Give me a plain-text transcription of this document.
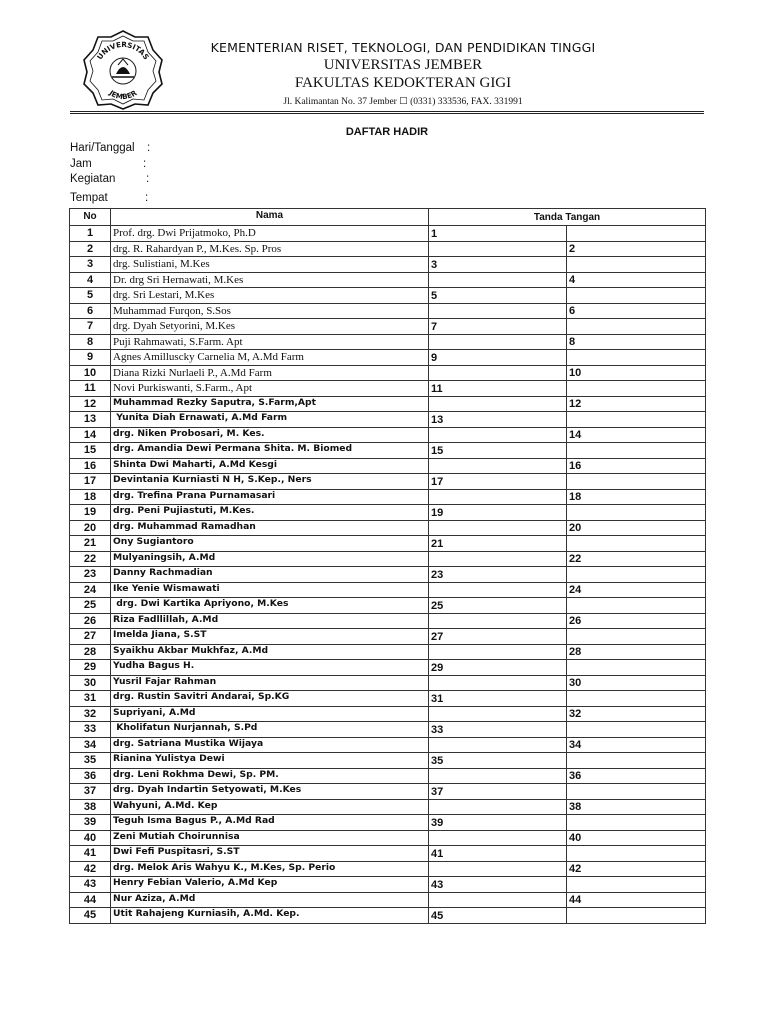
UNIVERSITAS
JEMBER
KEMENTERIAN RISET, TEKNOLOGI, DAN PENDIDIKAN TINGGI
UNIVERSITAS JEMBER
FAKULTAS KEDOKTERAN GIGI
Jl. Kalimantan No. 37 Jember ☐ (0331) 333536, FAX. 331991
DAFTAR HADIR
Hari/Tanggal :
Jam	:
Kegiatan	:
Tempat	:
No	Nama	Tanda Tangan	
1	Prof. drg. Dwi Prijatmoko, Ph.D	1	
2	drg. R. Rahardyan P., M.Kes. Sp. Pros		2
3	drg. Sulistiani, M.Kes	3	
4	Dr. drg Sri Hernawati, M.Kes		4
5	drg. Sri Lestari, M.Kes	5	
6	Muhammad Furqon, S.Sos		6
7	drg. Dyah Setyorini, M.Kes	7	
8	Puji Rahmawati, S.Farm. Apt		8
9	Agnes Amilluscky Carnelia M, A.Md Farm	9	
10	Diana Rizki Nurlaeli P., A.Md Farm		10
11	Novi Purkiswanti, S.Farm., Apt	11	
12	Muhammad Rezky Saputra, S.Farm,Apt		12
13	Yunita Diah Ernawati, A.Md Farm	13	
14	drg. Niken Probosari, M. Kes.		14
15	drg. Amandia Dewi Permana Shita. M. Biomed	15	
16	Shinta Dwi Maharti, A.Md Kesgi		16
17	Devintania Kurniasti N H, S.Kep., Ners	17	
18	drg. Trefina Prana Purnamasari		18
19	drg. Peni Pujiastuti, M.Kes.	19	
20	drg. Muhammad Ramadhan		20
21	Ony Sugiantoro	21	
22	Mulyaningsih, A.Md		22
23	Danny Rachmadian	23	
24	Ike Yenie Wismawati		24
25	drg. Dwi Kartika Apriyono, M.Kes	25	
26	Riza Fadllillah, A.Md		26
27	Imelda Jiana, S.ST	27	
28	Syaikhu Akbar Mukhfaz, A.Md		28
29	Yudha Bagus H.	29	
30	Yusril Fajar Rahman		30
31	drg. Rustin Savitri Andarai, Sp.KG	31	
32	Supriyani, A.Md		32
33	Kholifatun Nurjannah, S.Pd	33	
34	drg. Satriana Mustika Wijaya		34
35	Rianina Yulistya Dewi	35	
36	drg. Leni Rokhma Dewi, Sp. PM.		36
37	drg. Dyah Indartin Setyowati, M.Kes	37	
38	Wahyuni, A.Md. Kep		38
39	Teguh Isma Bagus P., A.Md Rad	39	
40	Zeni Mutiah Choirunnisa		40
41	Dwi Fefi Puspitasri, S.ST	41	
42	drg. Melok Aris Wahyu K., M.Kes, Sp. Perio		42
43	Henry Febian Valerio, A.Md Kep	43	
44	Nur Aziza, A.Md		44
45	Utit Rahajeng Kurniasih, A.Md. Kep.	45	
